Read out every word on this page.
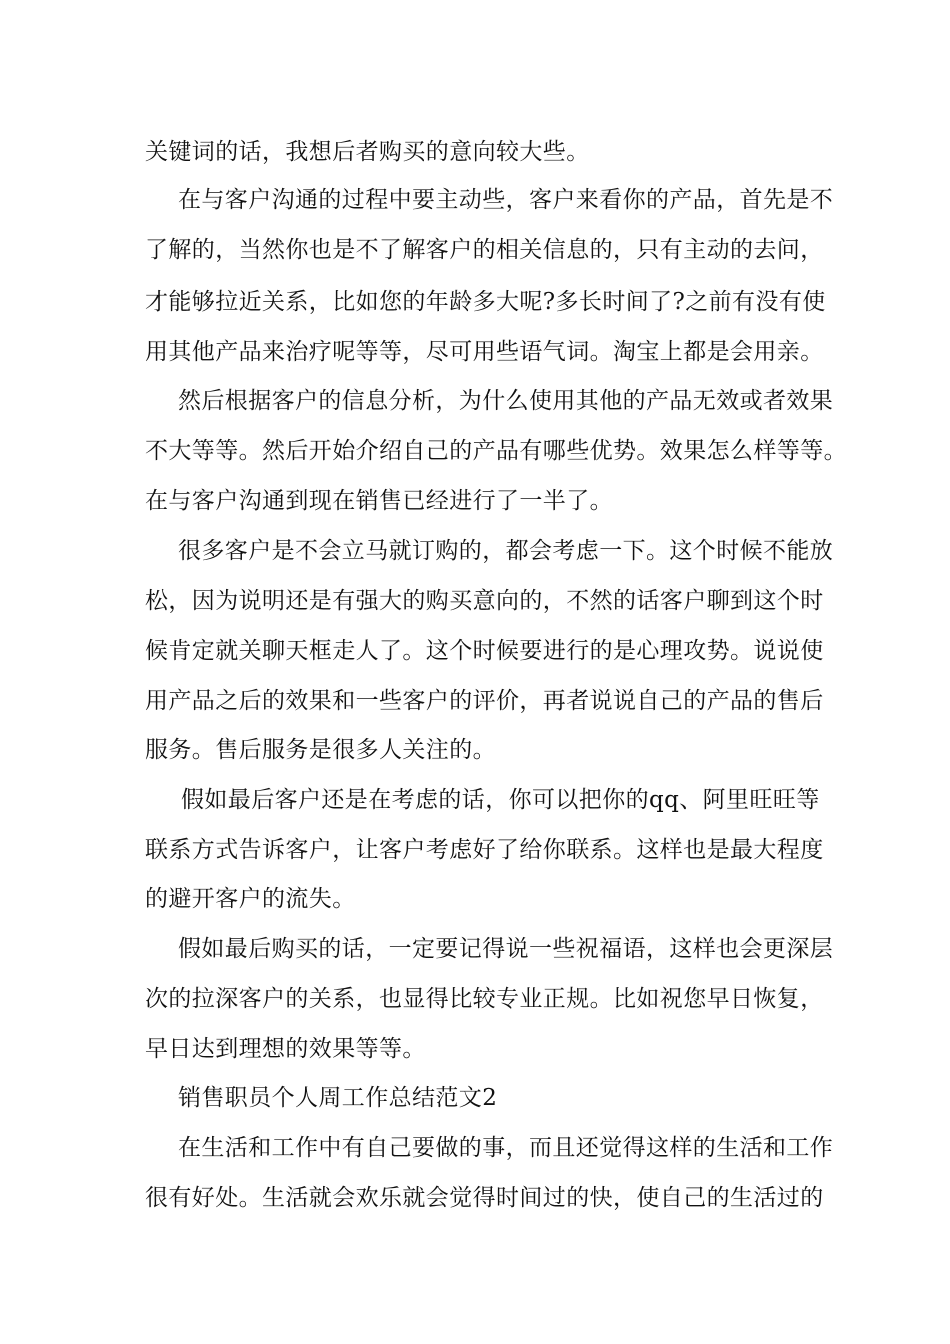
关键词的话，我想后者购买的意向较大些。
在与客户沟通的过程中要主动些，客户来看你的产品，首先是不
了解的，当然你也是不了解客户的相关信息的，只有主动的去问，
才能够拉近关系，比如您的年龄多大呢?多长时间了?之前有没有使
用其他产品来治疗呢等等，尽可用些语气词。淘宝上都是会用亲。
然后根据客户的信息分析，为什么使用其他的产品无效或者效果
不大等等。然后开始介绍自己的产品有哪些优势。效果怎么样等等。
在与客户沟通到现在销售已经进行了一半了。
很多客户是不会立马就订购的，都会考虑一下。这个时候不能放
松，因为说明还是有强大的购买意向的，不然的话客户聊到这个时
候肯定就关聊天框走人了。这个时候要进行的是心理攻势。说说使
用产品之后的效果和一些客户的评价，再者说说自己的产品的售后
服务。售后服务是很多人关注的。
假如最后客户还是在考虑的话，你可以把你的qq、阿里旺旺等
联系方式告诉客户，让客户考虑好了给你联系。这样也是最大程度
的避开客户的流失。
假如最后购买的话，一定要记得说一些祝福语，这样也会更深层
次的拉深客户的关系，也显得比较专业正规。比如祝您早日恢复，
早日达到理想的效果等等。
销售职员个人周工作总结范文2
在生活和工作中有自己要做的事，而且还觉得这样的生活和工作
很有好处。生活就会欢乐就会觉得时间过的快，使自己的生活过的
